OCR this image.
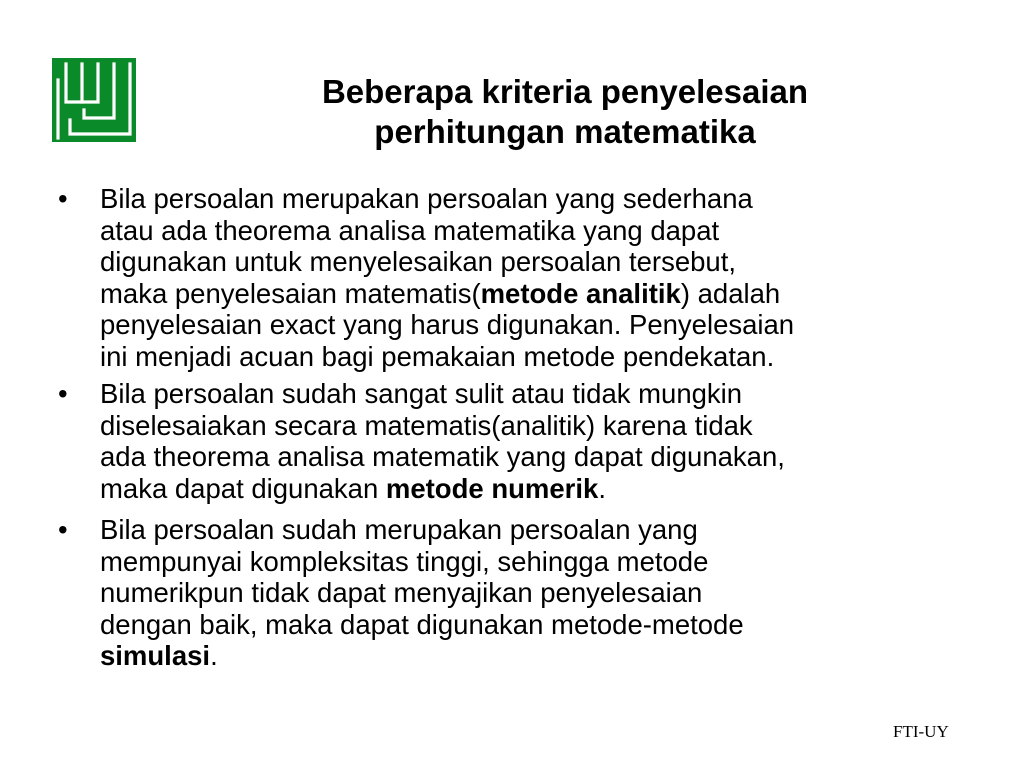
Beberapa kriteria penyelesaian
perhitungan matematika
•	Bila persoalan merupakan persoalan yang sederhana
atau ada theorema analisa matematika yang dapat
digunakan untuk menyelesaikan persoalan tersebut,
maka penyelesaian matematis(metode analitik) adalah
penyelesaian exact yang harus digunakan. Penyelesaian
ini menjadi acuan bagi pemakaian metode pendekatan.
•	Bila persoalan sudah sangat sulit atau tidak mungkin
diselesaiakan secara matematis(analitik) karena tidak
ada theorema analisa matematik yang dapat digunakan,
maka dapat digunakan metode numerik.
•	Bila persoalan sudah merupakan persoalan yang
mempunyai kompleksitas tinggi, sehingga metode
numerikpun tidak dapat menyajikan penyelesaian
dengan baik, maka dapat digunakan metode-metode
simulasi.
FTI-UY
